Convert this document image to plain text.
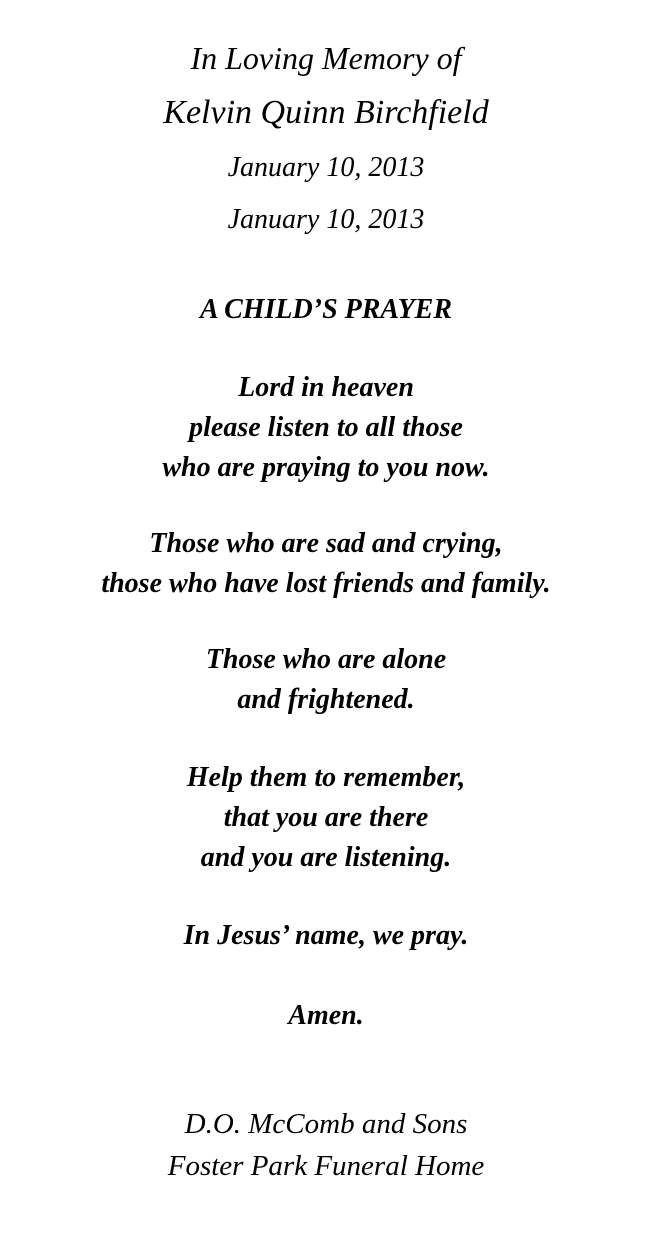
In Loving Memory of
Kelvin Quinn Birchfield
January 10, 2013
January 10, 2013
A CHILD’S PRAYER
Lord in heaven
please listen to all those
who are praying to you now.
Those who are sad and crying,
those who have lost friends and family.
Those who are alone
and frightened.
Help them to remember,
that you are there
and you are listening.
In Jesus’ name, we pray.
Amen.
D.O. McComb and Sons
Foster Park Funeral Home
